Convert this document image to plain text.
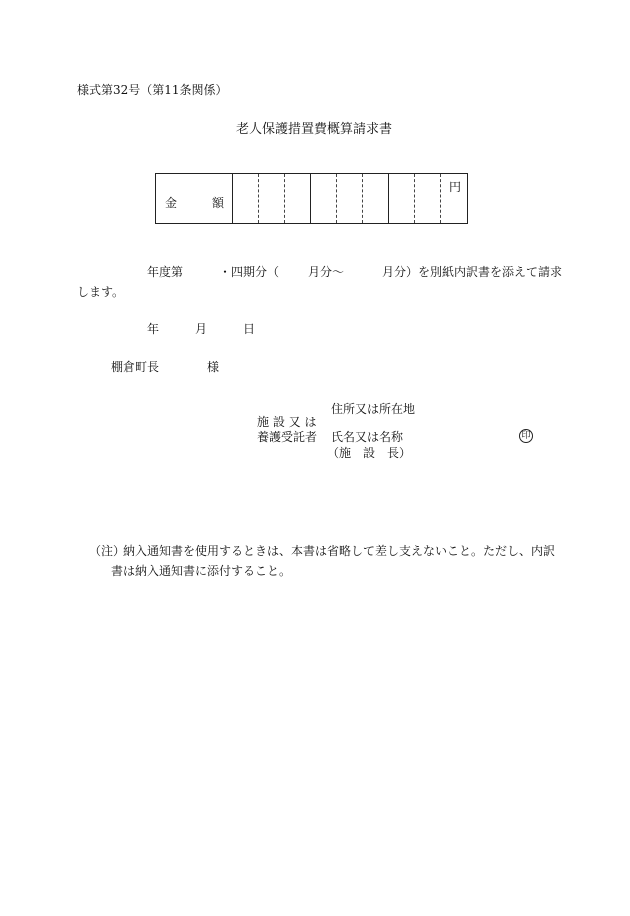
様式第32号（第11条関係）
老人保護措置費概算請求書
金	額
円
年度第	・四期分（ 月分～	月分）を別紙内訳書を添えて請求
します。
年	月	日
棚倉町長	様
住所又は所在地
施 設 又 は
養護受託者 氏名又は名称
（施　設　長）
印
（注）
納入通知書を使用するときは、本書は省略して差し支えないこと。ただし、内訳
書は納入通知書に添付すること。
